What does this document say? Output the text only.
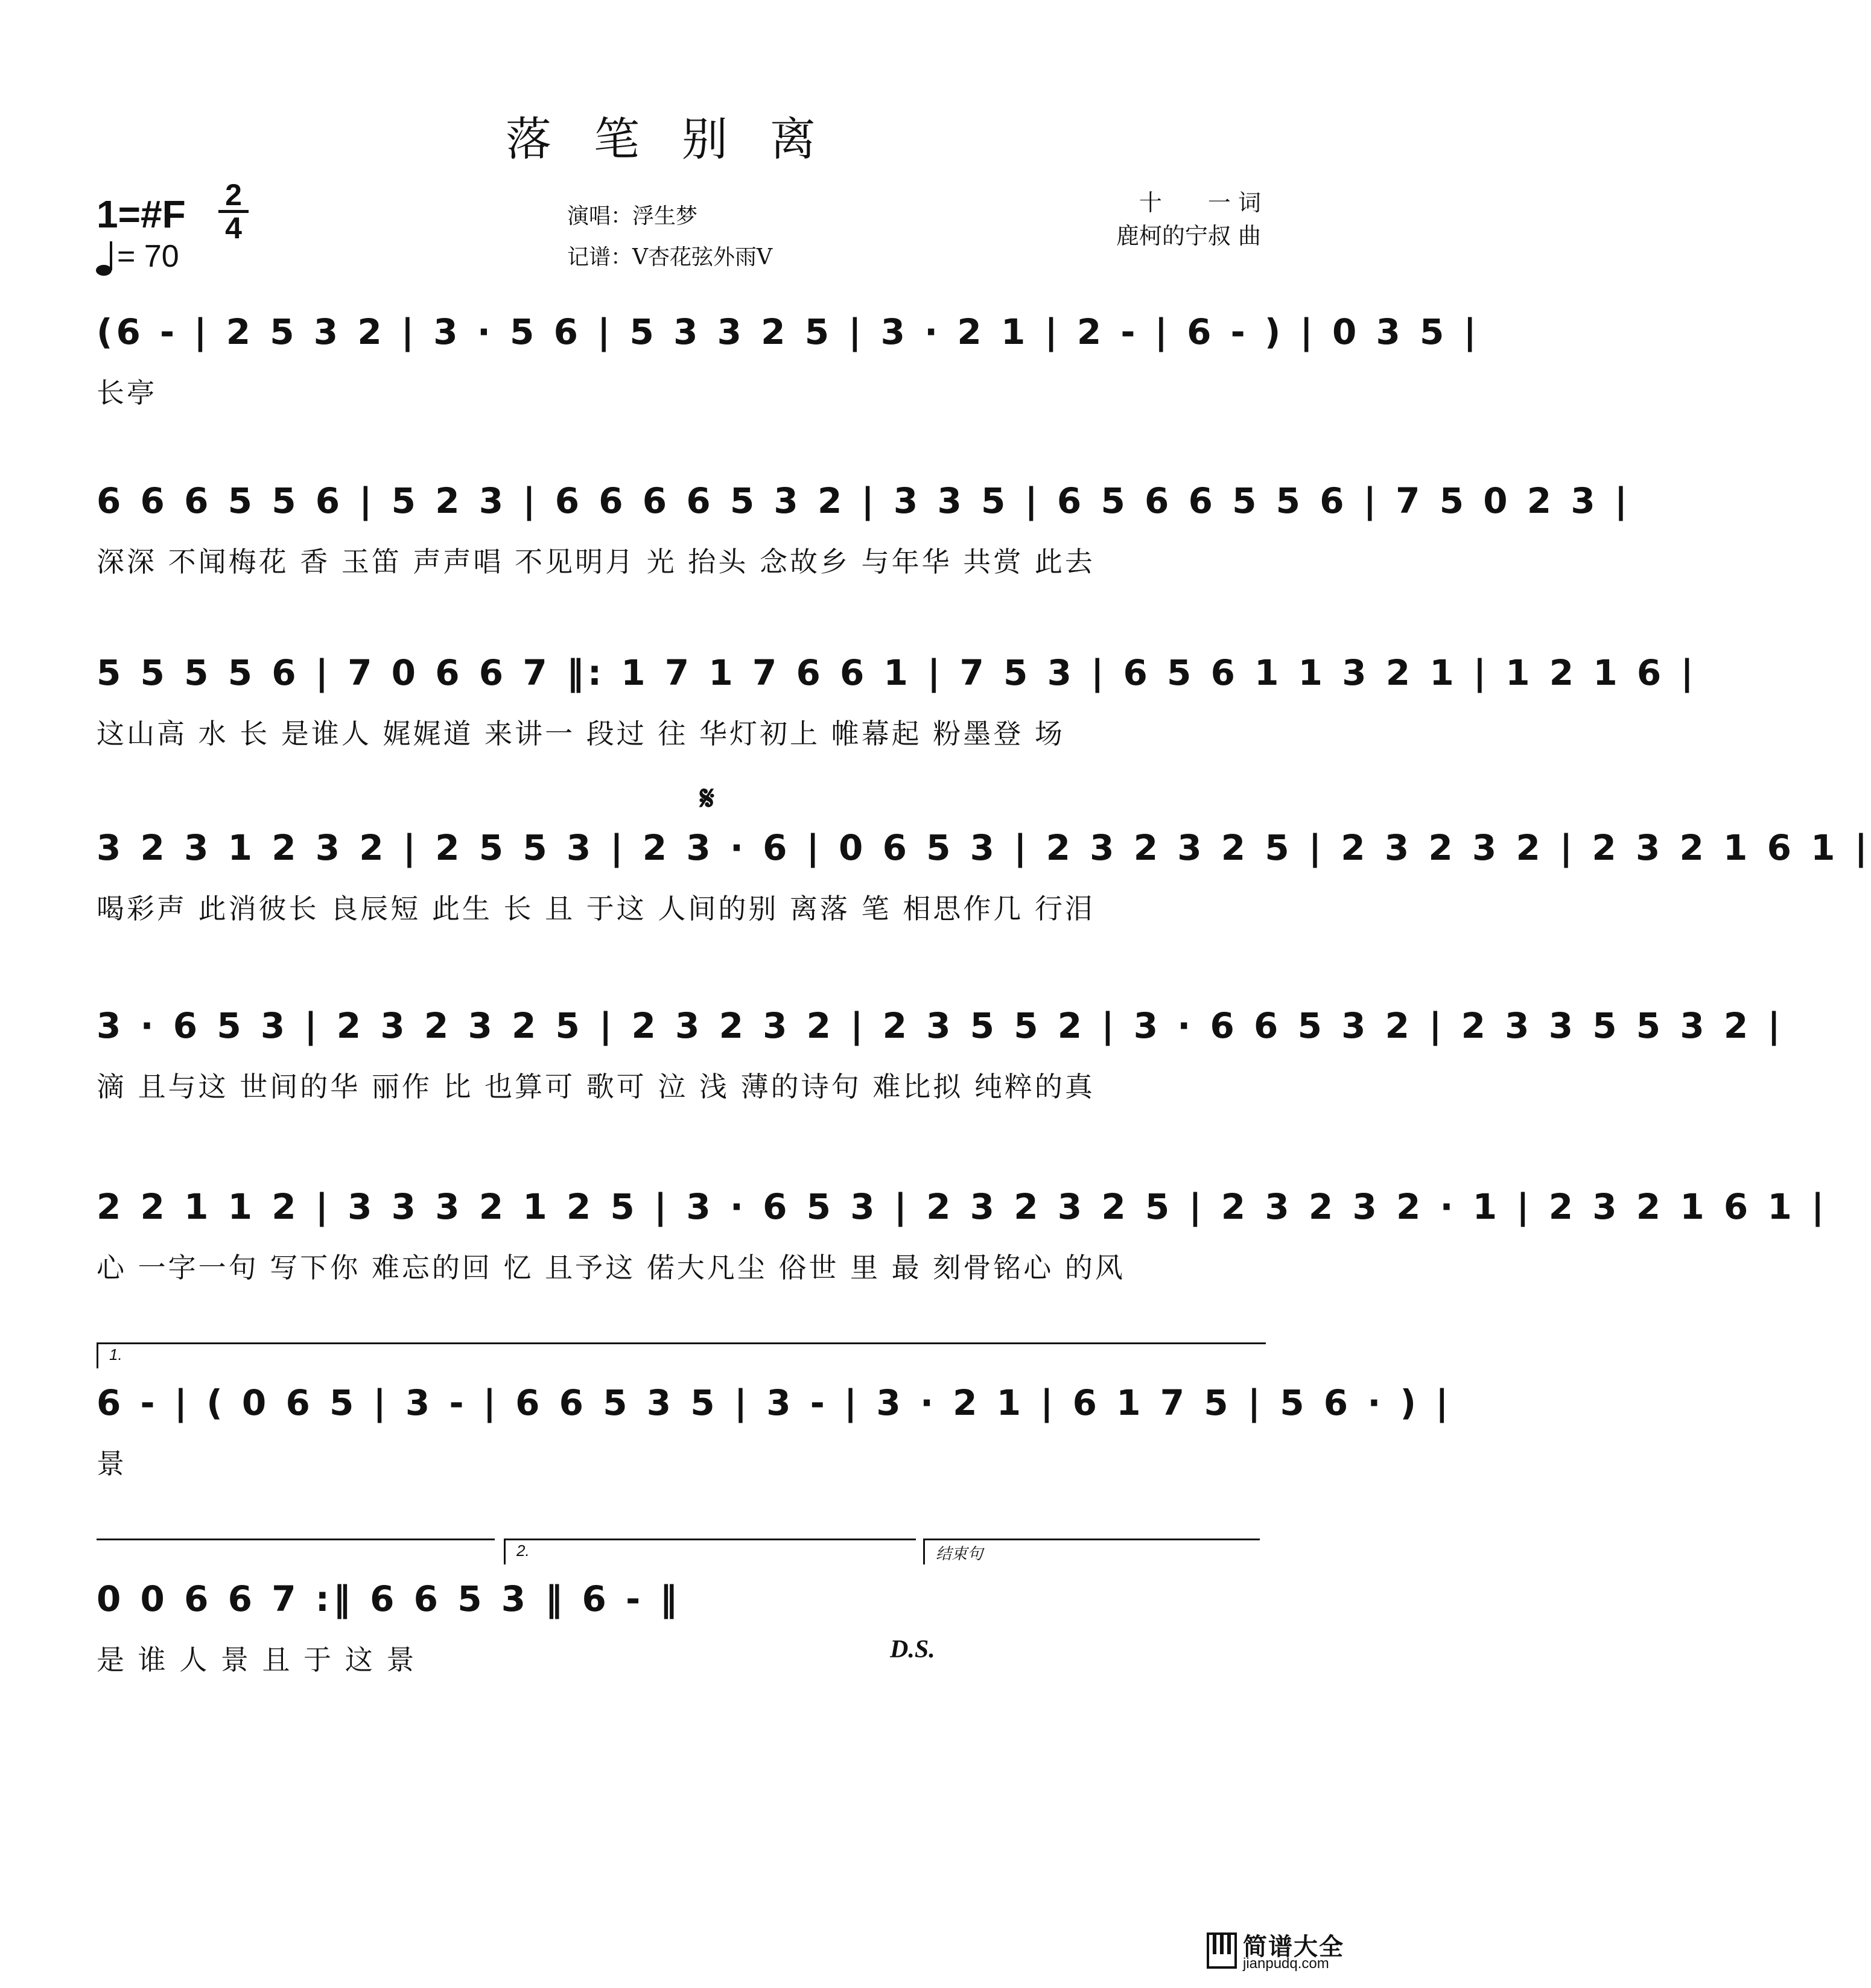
落笔别离
1=#F 2
4
= 70
演唱：浮生梦
记谱：V杏花弦外雨V
十　　一 词
鹿柯的宁叔 曲
(6 - | 2 5 3 2 | 3 · 5 6 | 5 3 3 2 5 | 3 · 2 1 | 2 - | 6 - ) | 0 3 5 |
长亭
6 6 6 5 5 6 | 5 2 3 | 6 6 6 6 5 3 2 | 3 3 5 | 6 5 6 6 5 5 6 | 7 5 0 2 3 |
深深 不闻梅花 香 玉笛 声声唱 不见明月 光 抬头 念故乡 与年华 共赏 此去
5 5 5 5 6 | 7 0 6 6 7 ‖: 1 7 1 7 6 6 1 | 7 5 3 | 6 5 6 1 1 3 2 1 | 1 2 1 6 |
这山高 水 长 是谁人 娓娓道 来讲一 段过 往 华灯初上 帷幕起 粉墨登 场
𝄋
3 2 3 1 2 3 2 | 2 5 5 3 | 2 3 · 6 | 0 6 5 3 | 2 3 2 3 2 5 | 2 3 2 3 2 | 2 3 2 1 6 1 |
喝彩声 此消彼长 良辰短 此生 长 且 于这 人间的别 离落 笔 相思作几 行泪
3 · 6 5 3 | 2 3 2 3 2 5 | 2 3 2 3 2 | 2 3 5 5 2 | 3 · 6 6 5 3 2 | 2 3 3 5 5 3 2 |
滴 且与这 世间的华 丽作 比 也算可 歌可 泣 浅 薄的诗句 难比拟 纯粹的真
2 2 1 1 2 | 3 3 3 2 1 2 5 | 3 · 6 5 3 | 2 3 2 3 2 5 | 2 3 2 3 2 · 1 | 2 3 2 1 6 1 |
心 一字一句 写下你 难忘的回 忆 且予这 偌大凡尘 俗世 里 最 刻骨铭心 的风
1.
6 - | ( 0 6 5 | 3 - | 6 6 5 3 5 | 3 - | 3 · 2 1 | 6 1 7 5 | 5 6 · ) |
景
2.	结束句
0 0 6 6 7 :‖ 6 6 5 3 ‖ 6 - ‖
是 谁 人 景 且 于 这 景	D.S.
简谱大全
jianpudq.com
